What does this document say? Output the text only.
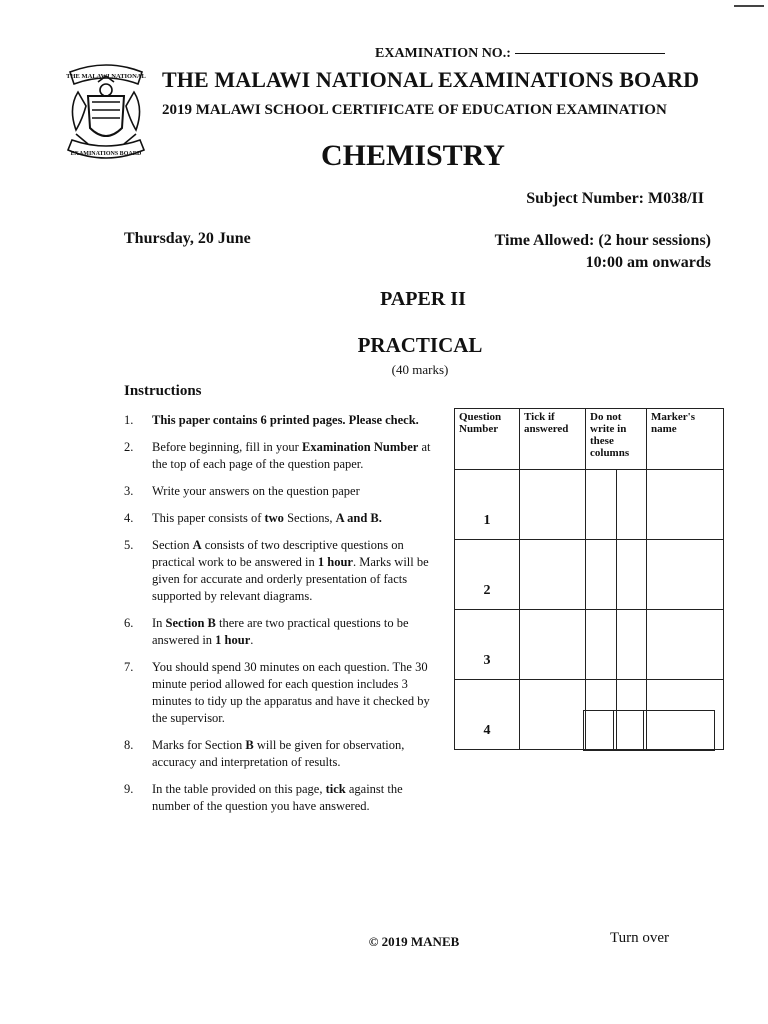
THE MALAWI NATIONAL
EXAMINATIONS BOARD
EXAMINATION NO.:
THE MALAWI NATIONAL EXAMINATIONS BOARD
2019 MALAWI SCHOOL CERTIFICATE OF EDUCATION EXAMINATION
CHEMISTRY
Subject Number: M038/II
Thursday, 20 June	Time Allowed: (2 hour sessions)
10:00 am onwards
PAPER II
PRACTICAL
(40 marks)
Instructions
1. This paper contains 6 printed pages. Please check.
2. Before beginning, fill in your Examination Number at the top of each page of the question paper.
3. Write your answers on the question paper
4. This paper consists of two Sections, A and B.
5. Section A consists of two descriptive questions on practical work to be answered in 1 hour. Marks will be given for accurate and orderly presentation of facts supported by relevant diagrams.
6. In Section B there are two practical questions to be answered in 1 hour.
7. You should spend 30 minutes on each question. The 30 minute period allowed for each question includes 3 minutes to tidy up the apparatus and have it checked by the supervisor.
8. Marks for Section B will be given for observation, accuracy and interpretation of results.
9. In the table provided on this page, tick against the number of the question you have answered.
Question Number	Tick if answered	Do not write in these columns		Marker's name
1				
2				
3				
4				

© 2019 MANEB	Turn over
